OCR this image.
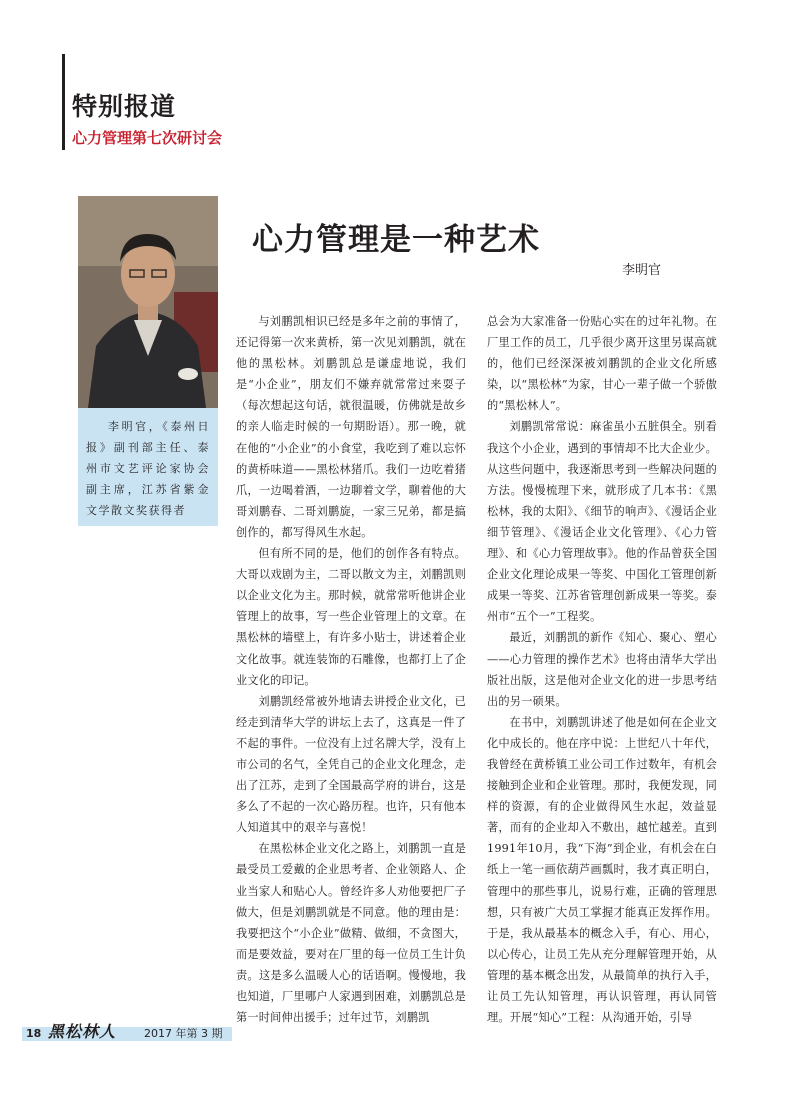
特别报道
心力管理第七次研讨会

李明官，《泰州日报》副刊部主任、泰州市文艺评论家协会副主席，江苏省紫金文学散文奖获得者

心力管理是一种艺术
李明官

与刘鹏凯相识已经是多年之前的事情了，还记得第一次来黄桥，第一次见刘鹏凯，就在他的黑松林。刘鹏凯总是谦虚地说，我们是“小企业”，朋友们不嫌弃就常常过来耍子（每次想起这句话，就很温暖，仿佛就是故乡的亲人临走时候的一句期盼语）。那一晚，就在他的“小企业”的小食堂，我吃到了难以忘怀的黄桥味道——黑松林猪爪。我们一边吃着猪爪，一边喝着酒，一边聊着文学，聊着他的大哥刘鹏春、二哥刘鹏旋，一家三兄弟，都是搞创作的，都写得风生水起。

但有所不同的是，他们的创作各有特点。大哥以戏剧为主，二哥以散文为主，刘鹏凯则以企业文化为主。那时候，就常常听他讲企业管理上的故事，写一些企业管理上的文章。在黑松林的墙壁上，有许多小贴士，讲述着企业文化故事。就连装饰的石雕像，也都打上了企业文化的印记。

刘鹏凯经常被外地请去讲授企业文化，已经走到清华大学的讲坛上去了，这真是一件了不起的事件。一位没有上过名牌大学，没有上市公司的名气，全凭自己的企业文化理念，走出了江苏，走到了全国最高学府的讲台，这是多么了不起的一次心路历程。也许，只有他本人知道其中的艰辛与喜悦！

在黑松林企业文化之路上，刘鹏凯一直是最受员工爱戴的企业思考者、企业领路人、企业当家人和贴心人。曾经许多人劝他要把厂子做大，但是刘鹏凯就是不同意。他的理由是：我要把这个“小企业”做精、做细，不贪图大，而是要效益，要对在厂里的每一位员工生计负责。这是多么温暖人心的话语啊。慢慢地，我也知道，厂里哪户人家遇到困难，刘鹏凯总是第一时间伸出援手；过年过节，刘鹏凯

总会为大家准备一份贴心实在的过年礼物。在厂里工作的员工，几乎很少离开这里另谋高就的，他们已经深深被刘鹏凯的企业文化所感染，以“黑松林”为家，甘心一辈子做一个骄傲的“黑松林人”。

刘鹏凯常常说：麻雀虽小五脏俱全。别看我这个小企业，遇到的事情却不比大企业少。从这些问题中，我逐渐思考到一些解决问题的方法。慢慢梳理下来，就形成了几本书：《黑松林，我的太阳》、《细节的响声》、《漫话企业细节管理》、《漫话企业文化管理》、《心力管理》、和《心力管理故事》。他的作品曾获全国企业文化理论成果一等奖、中国化工管理创新成果一等奖、江苏省管理创新成果一等奖。泰州市“五个一”工程奖。

最近，刘鹏凯的新作《知心、聚心、塑心——心力管理的操作艺术》也将由清华大学出版社出版，这是他对企业文化的进一步思考结出的另一硕果。

在书中，刘鹏凯讲述了他是如何在企业文化中成长的。他在序中说：上世纪八十年代，我曾经在黄桥镇工业公司工作过数年，有机会接触到企业和企业管理。那时，我便发现，同样的资源，有的企业做得风生水起，效益显著，而有的企业却入不敷出，越忙越差。直到1991年10月，我“下海”到企业，有机会在白纸上一笔一画依葫芦画瓢时，我才真正明白，管理中的那些事儿，说易行难，正确的管理思想，只有被广大员工掌握才能真正发挥作用。于是，我从最基本的概念入手，有心、用心，以心传心，让员工先从充分理解管理开始，从管理的基本概念出发，从最简单的执行入手，让员工先认知管理，再认识管理，再认同管理。开展“知心”工程：从沟通开始，引导

18 黑松林人	2017 年第 3 期
